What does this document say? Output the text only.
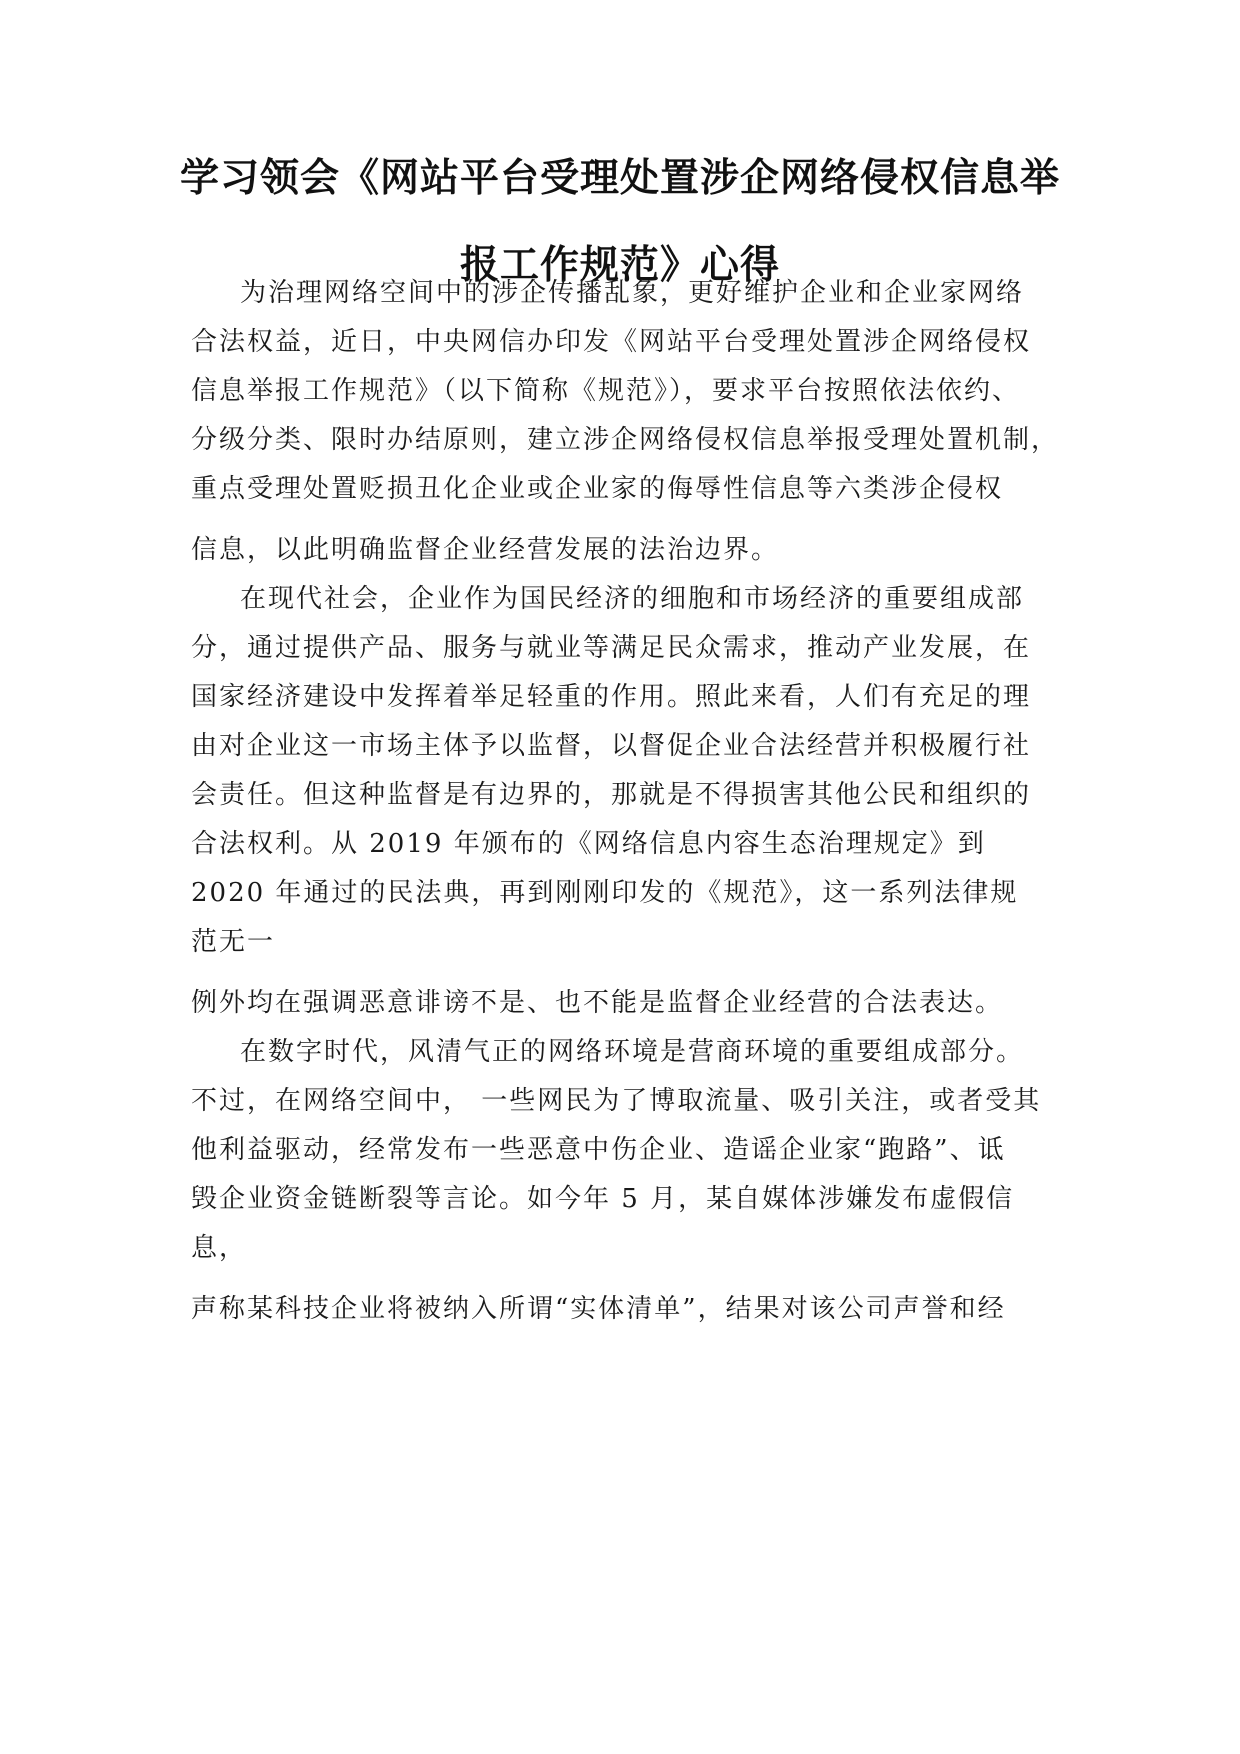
学习领会《网站平台受理处置涉企网络侵权信息举
报工作规范》心得

为治理网络空间中的涉企传播乱象，更好维护企业和企业家网络

合法权益，近日，中央网信办印发《网站平台受理处置涉企网络侵权

信息举报工作规范》（以下简称《规范》），要求平台按照依法依约、

分级分类、限时办结原则，建立涉企网络侵权信息举报受理处置机制，

重点受理处置贬损丑化企业或企业家的侮辱性信息等六类涉企侵权

信息，以此明确监督企业经营发展的法治边界。

在现代社会，企业作为国民经济的细胞和市场经济的重要组成部

分，通过提供产品、服务与就业等满足民众需求，推动产业发展，在

国家经济建设中发挥着举足轻重的作用。照此来看，人们有充足的理

由对企业这一市场主体予以监督，以督促企业合法经营并积极履行社

会责任。但这种监督是有边界的，那就是不得损害其他公民和组织的

合法权利。从 2019 年颁布的《网络信息内容生态治理规定》到

2020 年通过的民法典，再到刚刚印发的《规范》，这一系列法律规

范无一

例外均在强调恶意诽谤不是、也不能是监督企业经营的合法表达。

在数字时代，风清气正的网络环境是营商环境的重要组成部分。

不过，在网络空间中， 一些网民为了博取流量、吸引关注，或者受其

他利益驱动，经常发布一些恶意中伤企业、造谣企业家“跑路”、诋

毁企业资金链断裂等言论。如今年 5 月，某自媒体涉嫌发布虚假信

息，

声称某科技企业将被纳入所谓“实体清单”，结果对该公司声誉和经
